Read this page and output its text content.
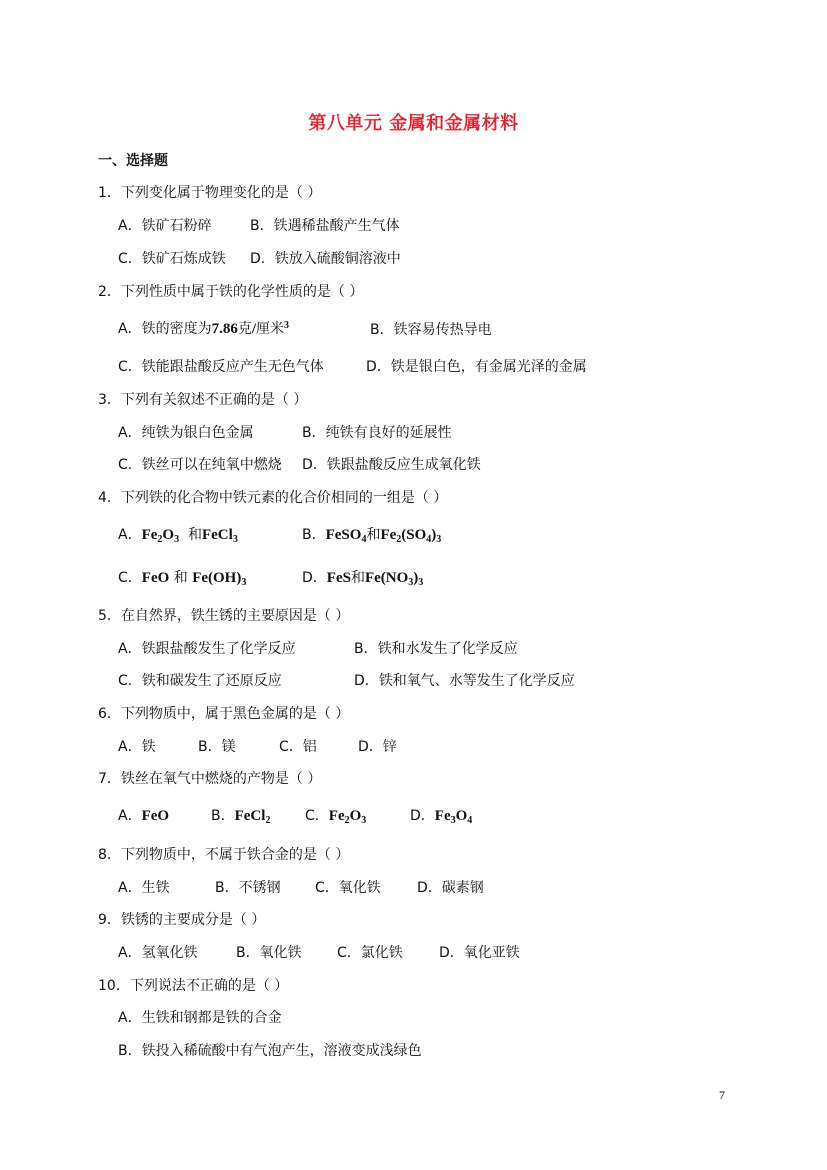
第八单元 金属和金属材料
一、选择题
1．下列变化属于物理变化的是（ ）
A．铁矿石粉碎	B．铁遇稀盐酸产生气体
C．铁矿石炼成铁 D．铁放入硫酸铜溶液中
2．下列性质中属于铁的化学性质的是（ ）
A．铁的密度为7.86克/厘米$^3$	B．铁容易传热导电
C．铁能跟盐酸反应产生无色气体	D．铁是银白色，有金属光泽的金属
3．下列有关叙述不正确的是（ ）
A．纯铁为银白色金属	B．纯铁有良好的延展性
C．铁丝可以在纯氧中燃烧 D．铁跟盐酸反应生成氧化铁
4．下列铁的化合物中铁元素的化合价相同的一组是（ ）
A．$Fe_2O_3$ 和FeCl$_3$	B．FeSO$_4$和$Fe_2(SO_4)_3$
C．FeO 和 $Fe(OH)_3$	D．FeS和$Fe(NO_3)_3$
5．在自然界，铁生锈的主要原因是（ ）
A．铁跟盐酸发生了化学反应	B．铁和水发生了化学反应
C．铁和碳发生了还原反应	D．铁和氧气、水等发生了化学反应
6．下列物质中，属于黑色金属的是（ ）
A．铁	B．镁	C．铝	D．锌
7．铁丝在氧气中燃烧的产物是（ ）
A．FeO	B．FeCl$_2$ C．$Fe_2O_3$	D．$Fe_3O_4$
8．下列物质中，不属于铁合金的是（ ）
A．生铁	B．不锈钢 C．氧化铁	D．碳素钢
9．铁锈的主要成分是（ ）
A．氢氧化铁	B．氧化铁	C．氯化铁	D．氧化亚铁
10．下列说法不正确的是（ ）
A．生铁和钢都是铁的合金
B．铁投入稀硫酸中有气泡产生，溶液变成浅绿色
7
